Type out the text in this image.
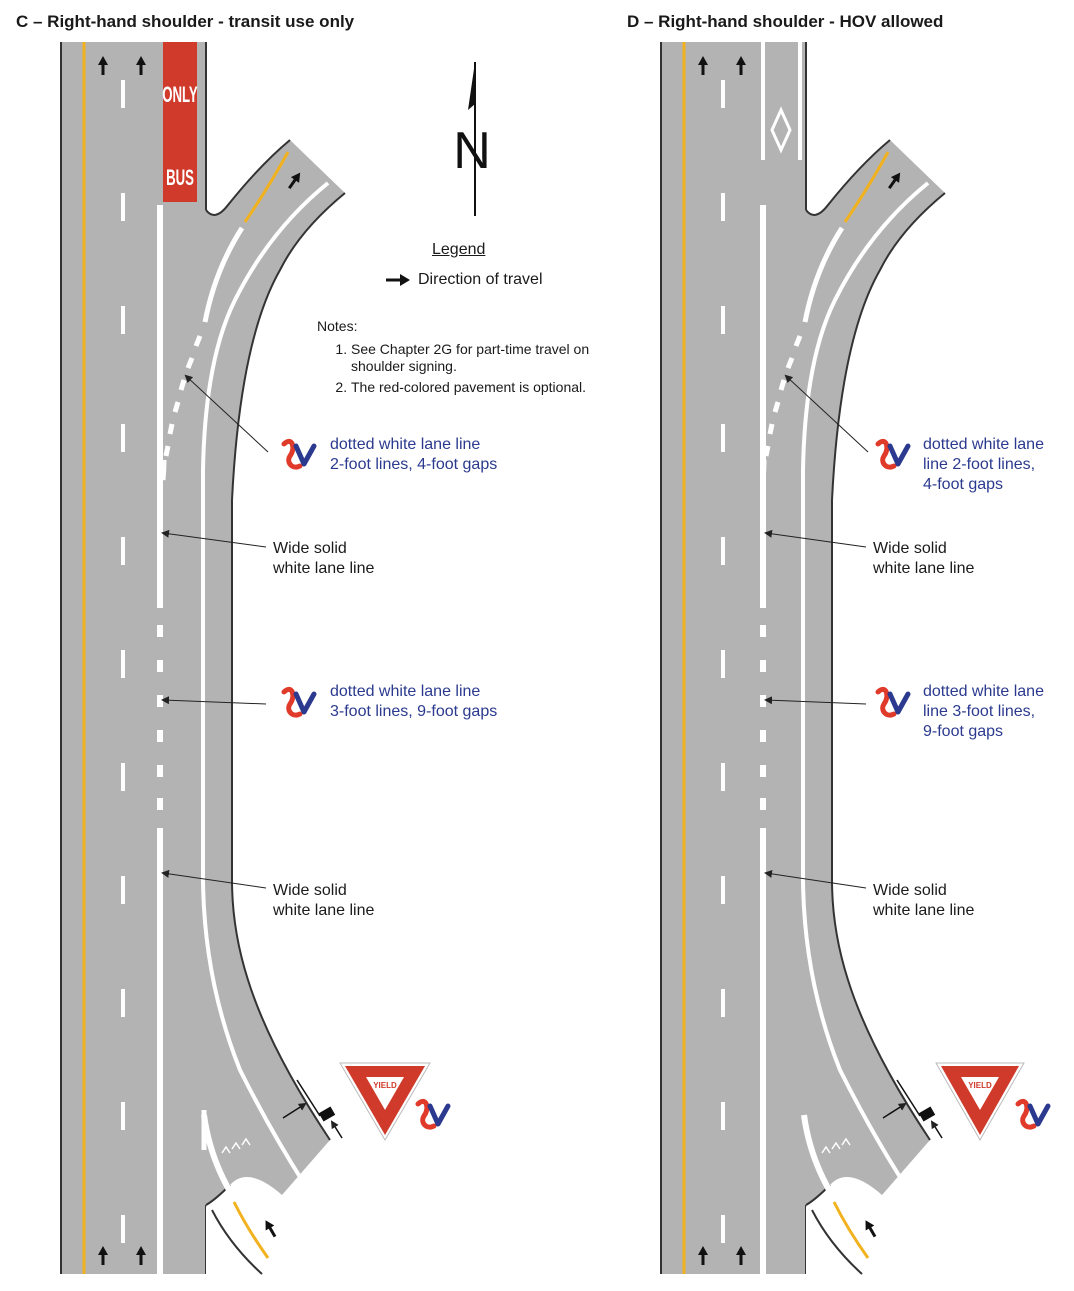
C – Right-hand shoulder - transit use only	D – Right-hand shoulder - HOV allowed
ONLY
BUS
YIELD	YIELD
N
Legend
Direction of travel
Notes:
1. See Chapter 2G for part-time travel on shoulder signing.
2. The red-colored pavement is optional.
dotted white lane line
2-foot lines, 4-foot gaps
Wide solid
white lane line
dotted white lane line
3-foot lines, 9-foot gaps
Wide solid
white lane line
dotted white lane
line 2-foot lines,
4-foot gaps
Wide solid
white lane line
dotted white lane
line 3-foot lines,
9-foot gaps
Wide solid
white lane line
